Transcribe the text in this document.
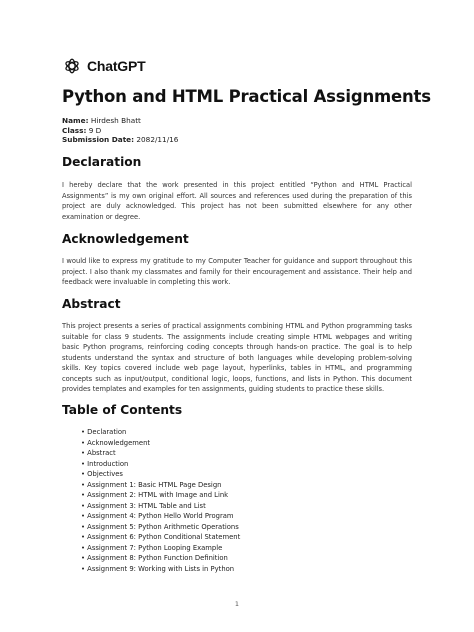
ChatGPT
Python and HTML Practical Assignments
Name: Hirdesh Bhatt
Class: 9 D
Submission Date: 2082/11/16
Declaration

I hereby declare that the work presented in this project entitled “Python and HTML Practical Assignments” is my own original effort. All sources and references used during the preparation of this project are duly acknowledged. This project has not been submitted elsewhere for any other examination or degree.

Acknowledgement

I would like to express my gratitude to my Computer Teacher for guidance and support throughout this project. I also thank my classmates and family for their encouragement and assistance. Their help and feedback were invaluable in completing this work.

Abstract

This project presents a series of practical assignments combining HTML and Python programming tasks suitable for class 9 students. The assignments include creating simple HTML webpages and writing basic Python programs, reinforcing coding concepts through hands-on practice. The goal is to help students understand the syntax and structure of both languages while developing problem-solving skills. Key topics covered include web page layout, hyperlinks, tables in HTML, and programming concepts such as input/output, conditional logic, loops, functions, and lists in Python. This document provides templates and examples for ten assignments, guiding students to practice these skills.

Table of Contents
• Declaration
• Acknowledgement
• Abstract
• Introduction
• Objectives
• Assignment 1: Basic HTML Page Design
• Assignment 2: HTML with Image and Link
• Assignment 3: HTML Table and List
• Assignment 4: Python Hello World Program
• Assignment 5: Python Arithmetic Operations
• Assignment 6: Python Conditional Statement
• Assignment 7: Python Looping Example
• Assignment 8: Python Function Definition
• Assignment 9: Working with Lists in Python
1
